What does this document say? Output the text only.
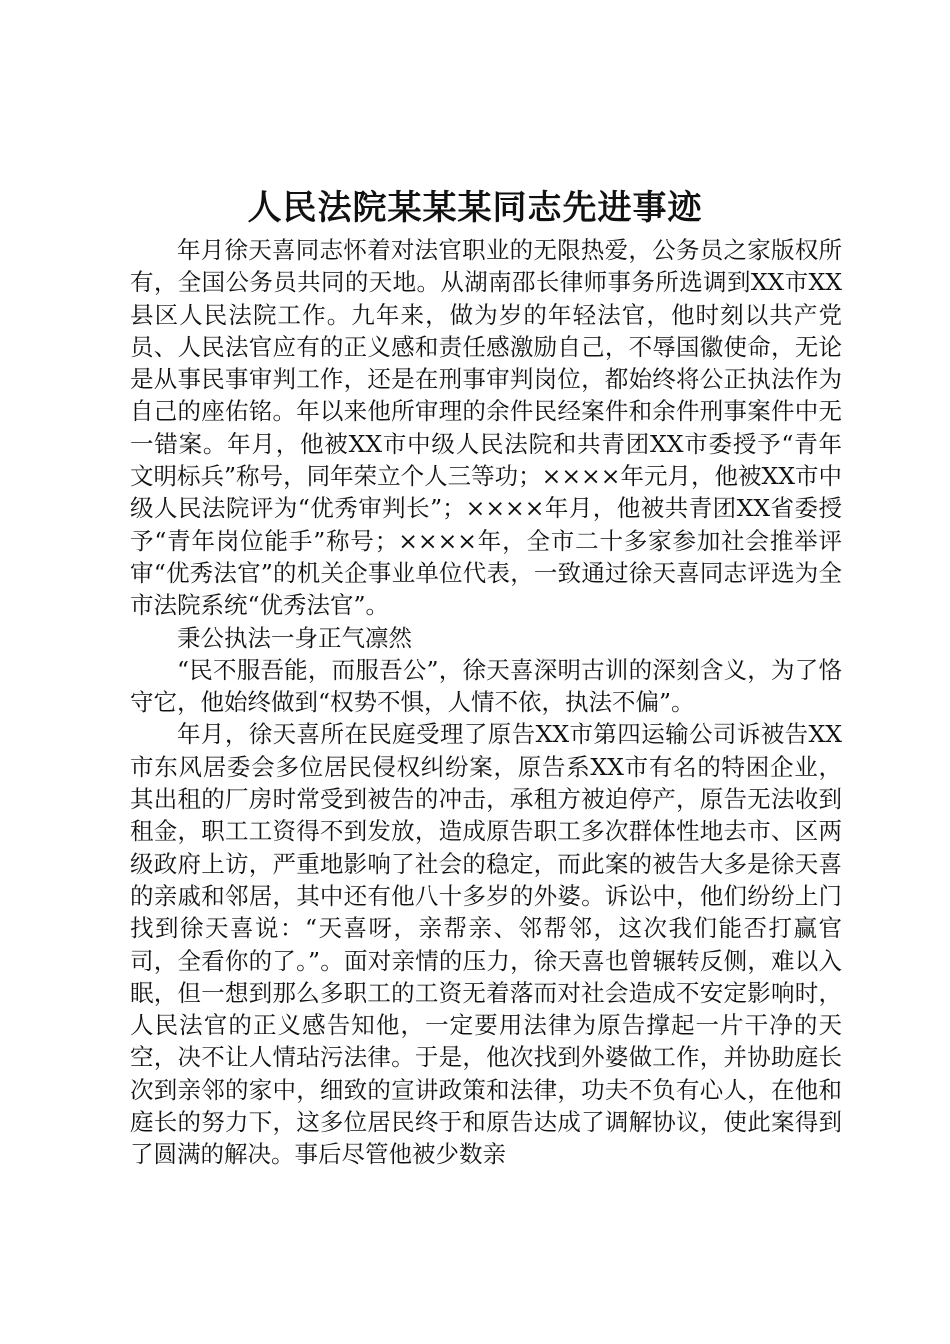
人民法院某某某同志先进事迹

年月徐天喜同志怀着对法官职业的无限热爱，公务员之家版权所有，全国公务员共同的天地。从湖南邵长律师事务所选调到XX市XX县区人民法院工作。九年来，做为岁的年轻法官，他时刻以共产党员、人民法官应有的正义感和责任感激励自己，不辱国徽使命，无论是从事民事审判工作，还是在刑事审判岗位，都始终将公正执法作为自己的座佑铭。年以来他所审理的余件民经案件和余件刑事案件中无一错案。年月，他被XX市中级人民法院和共青团XX市委授予“青年文明标兵”称号，同年荣立个人三等功；××××年元月，他被XX市中级人民法院评为“优秀审判长”；××××年月，他被共青团XX省委授予“青年岗位能手”称号；××××年，全市二十多家参加社会推举评审“优秀法官”的机关企事业单位代表，一致通过徐天喜同志评选为全市法院系统“优秀法官”。

秉公执法一身正气凛然

“民不服吾能，而服吾公”，徐天喜深明古训的深刻含义，为了恪守它，他始终做到“权势不惧，人情不依，执法不偏”。

年月，徐天喜所在民庭受理了原告XX市第四运输公司诉被告XX市东风居委会多位居民侵权纠纷案，原告系XX市有名的特困企业，其出租的厂房时常受到被告的冲击，承租方被迫停产，原告无法收到租金，职工工资得不到发放，造成原告职工多次群体性地去市、区两级政府上访，严重地影响了社会的稳定，而此案的被告大多是徐天喜的亲戚和邻居，其中还有他八十多岁的外婆。诉讼中，他们纷纷上门找到徐天喜说：“天喜呀，亲帮亲、邻帮邻，这次我们能否打赢官司，全看你的了。”。面对亲情的压力，徐天喜也曾辗转反侧，难以入眠，但一想到那么多职工的工资无着落而对社会造成不安定影响时，人民法官的正义感告知他，一定要用法律为原告撑起一片干净的天空，决不让人情玷污法律。于是，他次找到外婆做工作，并协助庭长次到亲邻的家中，细致的宣讲政策和法律，功夫不负有心人，在他和庭长的努力下，这多位居民终于和原告达成了调解协议，使此案得到了圆满的解决。事后尽管他被少数亲
